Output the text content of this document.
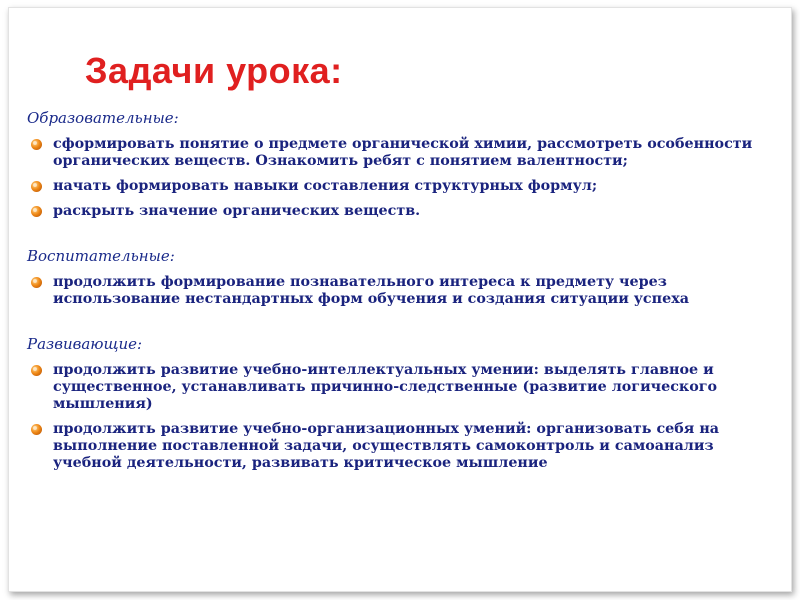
Задачи урока:
Образовательные:
сформировать понятие о предмете органической химии, рассмотреть особенности органических веществ. Ознакомить ребят с понятием валентности;
начать формировать навыки составления структурных формул;
раскрыть значение органических веществ.
Воспитательные:
продолжить формирование познавательного интереса к предмету через использование нестандартных форм обучения и создания ситуации успеха
Развивающие:
продолжить развитие учебно-интеллектуальных умении: выделять главное и существенное, устанавливать причинно-следственные (развитие логического мышления)
продолжить развитие учебно-организационных умений: организовать себя на выполнение поставленной задачи, осуществлять самоконтроль и самоанализ учебной деятельности, развивать критическое мышление
